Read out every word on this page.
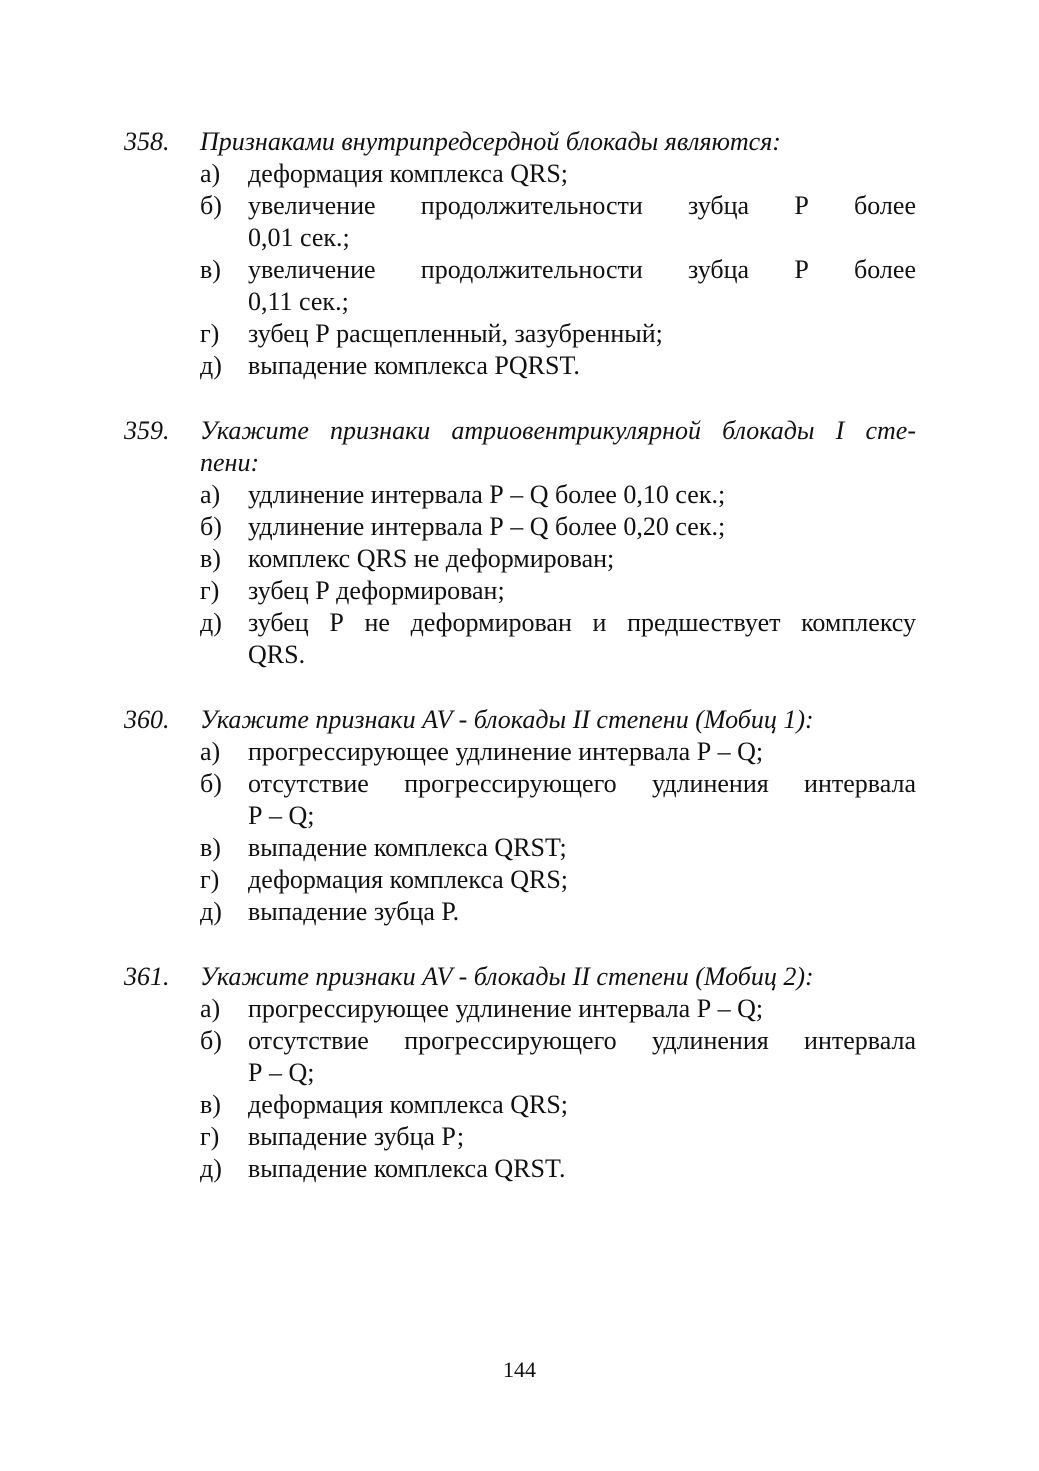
358.	Признаками внутрипредсердной блокады являются:
а)	деформация комплекса QRS;
б)	увеличение продолжительности зубца Р более
0,01 сек.;
в)	увеличение продолжительности зубца Р более
0,11 сек.;
г)	зубец Р расщепленный, зазубренный;
д)	выпадение комплекса PQRST.
359.	Укажите признаки атриовентрикулярной блокады I сте-
пени:
а)	удлинение интервала Р – Q более 0,10 сек.;
б)	удлинение интервала Р – Q более 0,20 сек.;
в)	комплекс QRS не деформирован;
г)	зубец Р деформирован;
д)	зубец Р не деформирован и предшествует комплексу
QRS.
360.	Укажите признаки AV - блокады II степени (Мобиц 1):
а)	прогрессирующее удлинение интервала Р – Q;
б)	отсутствие прогрессирующего удлинения интервала
Р – Q;
в)	выпадение комплекса QRST;
г)	деформация комплекса QRS;
д)	выпадение зубца Р.
361.	Укажите признаки AV - блокады II степени (Мобиц 2):
а)	прогрессирующее удлинение интервала Р – Q;
б)	отсутствие прогрессирующего удлинения интервала
Р – Q;
в)	деформация комплекса QRS;
г)	выпадение зубца Р;
д)	выпадение комплекса QRST.
144
